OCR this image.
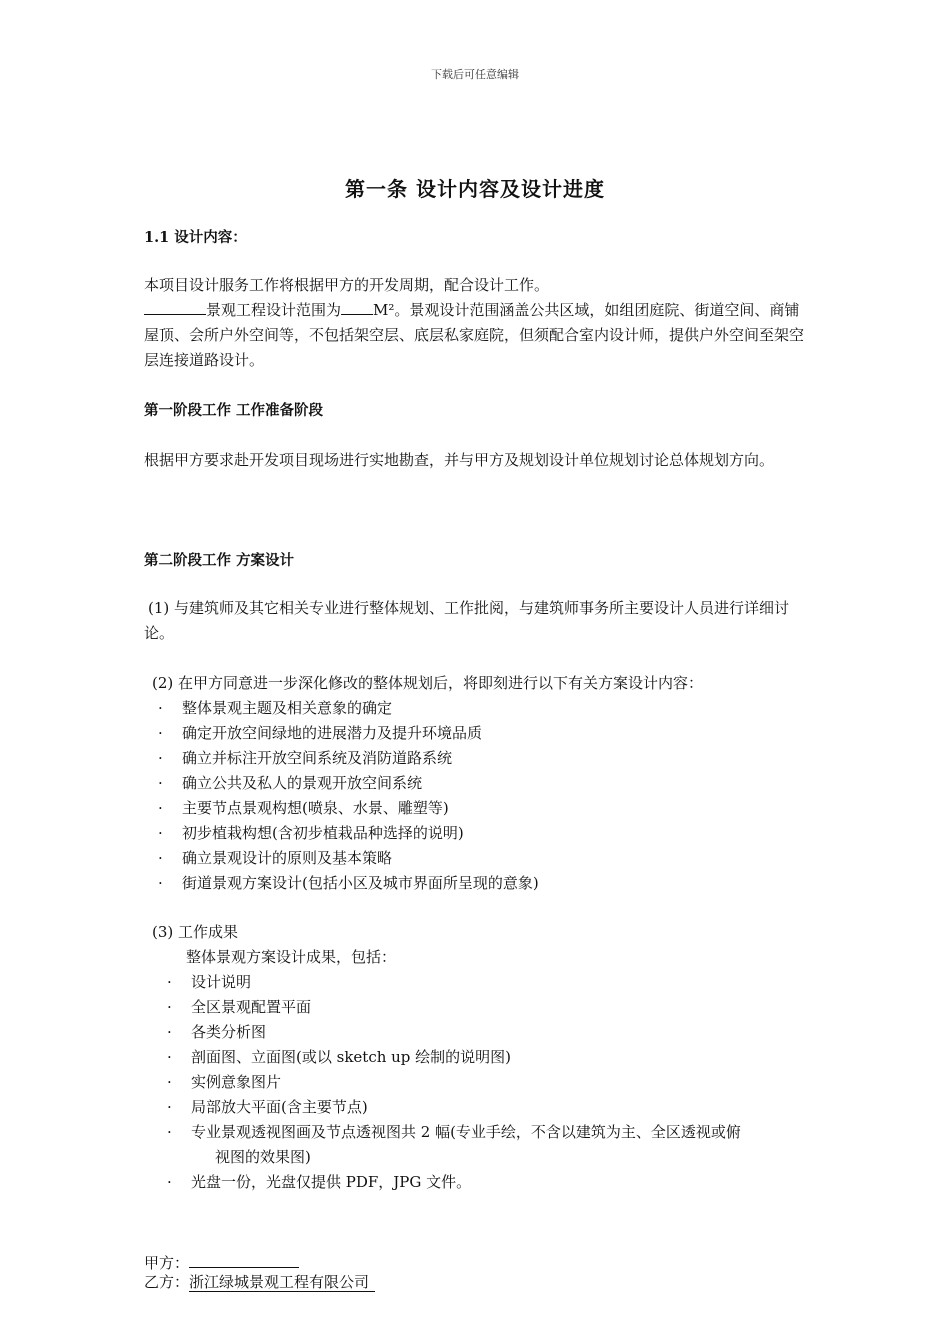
下载后可任意编辑
第一条 设计内容及设计进度
1.1 设计内容：
本项目设计服务工作将根据甲方的开发周期，配合设计工作。
景观工程设计范围为 M²。景观设计范围涵盖公共区域，如组团庭院、街道空间、商铺屋顶、会所户外空间等，不包括架空层、底层私家庭院，但须配合室内设计师，提供户外空间至架空层连接道路设计。
第一阶段工作 工作准备阶段
根据甲方要求赴开发项目现场进行实地勘查，并与甲方及规划设计单位规划讨论总体规划方向。
第二阶段工作 方案设计
(1) 与建筑师及其它相关专业进行整体规划、工作批阅，与建筑师事务所主要设计人员进行详细讨论。
(2) 在甲方同意进一步深化修改的整体规划后，将即刻进行以下有关方案设计内容：
· 整体景观主题及相关意象的确定
· 确定开放空间绿地的进展潜力及提升环境品质
· 确立并标注开放空间系统及消防道路系统
· 确立公共及私人的景观开放空间系统
· 主要节点景观构想(喷泉、水景、雕塑等)
· 初步植栽构想(含初步植栽品种选择的说明)
· 确立景观设计的原则及基本策略
· 街道景观方案设计(包括小区及城市界面所呈现的意象)
(3) 工作成果
整体景观方案设计成果，包括：
· 设计说明
· 全区景观配置平面
· 各类分析图
· 剖面图、立面图(或以 sketch up 绘制的说明图)
· 实例意象图片
· 局部放大平面(含主要节点)
· 专业景观透视图画及节点透视图共 2 幅(专业手绘，不含以建筑为主、全区透视或俯
视图的效果图)
· 光盘一份，光盘仅提供 PDF，JPG 文件。
甲方：
乙方：浙江绿城景观工程有限公司
